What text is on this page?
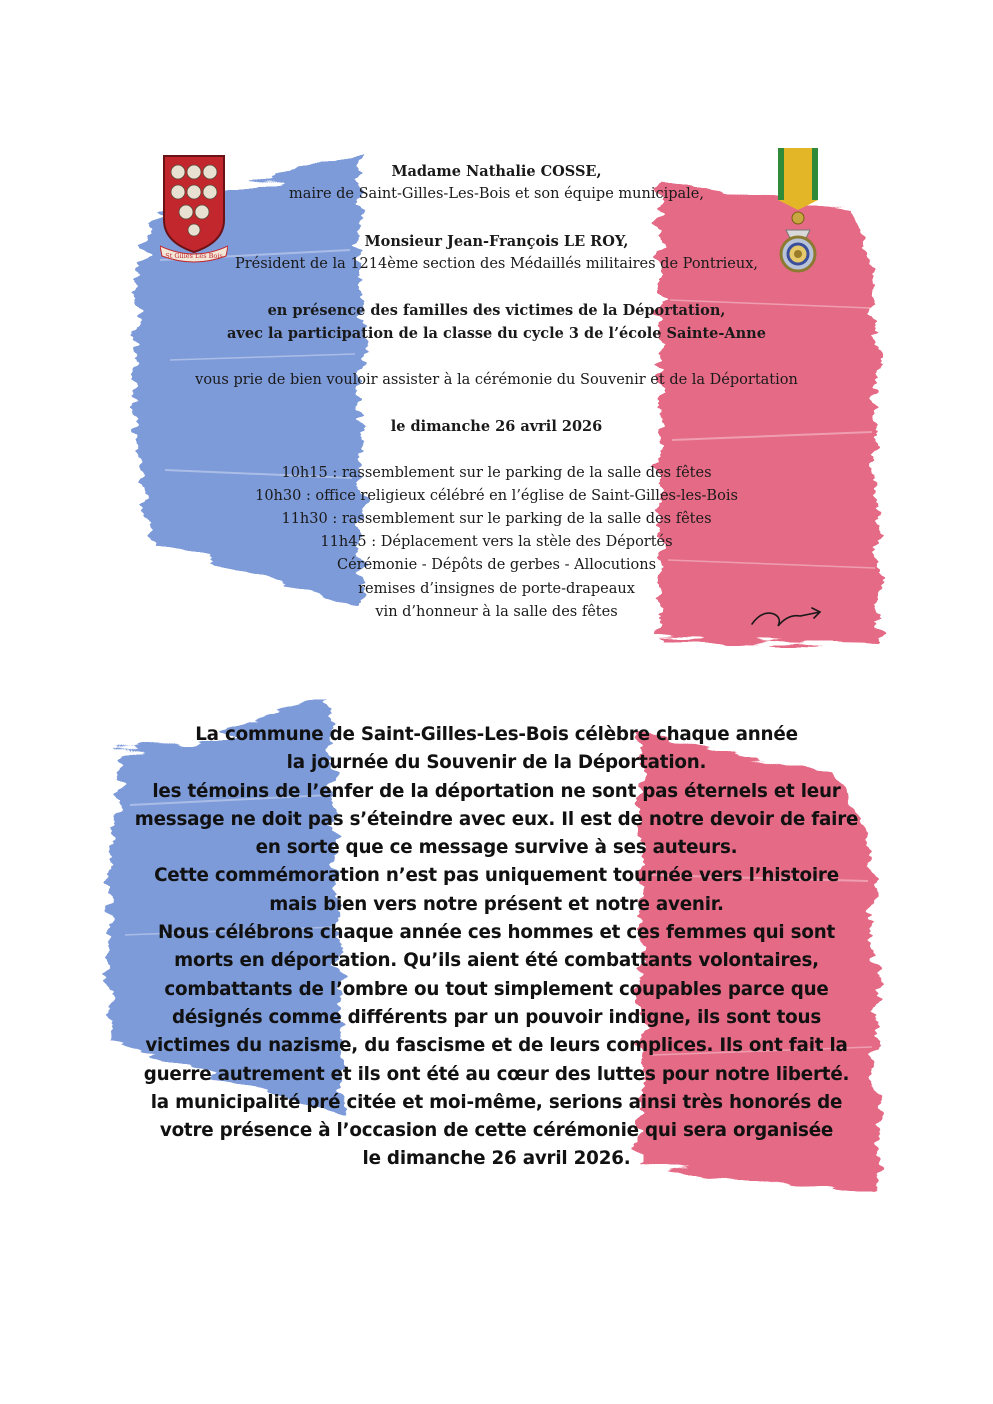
St Gilles Les Bois
Madame Nathalie COSSE,
maire de Saint-Gilles-Les-Bois et son équipe municipale,
Monsieur Jean-François LE ROY,
Président de la 1214ème section des Médaillés militaires de Pontrieux,
en présence des familles des victimes de la Déportation,
avec la participation de la classe du cycle 3 de l’école Sainte-Anne
vous prie de bien vouloir assister à la cérémonie du Souvenir et de la Déportation
le dimanche 26 avril 2026
10h15 : rassemblement sur le parking de la salle des fêtes
10h30 : office religieux célébré en l’église de Saint-Gilles-les-Bois
11h30 : rassemblement sur le parking de la salle des fêtes
11h45 : Déplacement vers la stèle des Déportés
Cérémonie - Dépôts de gerbes - Allocutions
remises d’insignes de porte-drapeaux
vin d’honneur à la salle des fêtes
La commune de Saint-Gilles-Les-Bois célèbre chaque année
la journée du Souvenir de la Déportation.
les témoins de l’enfer de la déportation ne sont pas éternels et leur
message ne doit pas s’éteindre avec eux. Il est de notre devoir de faire
en sorte que ce message survive à ses auteurs.
Cette commémoration n’est pas uniquement tournée vers l’histoire
mais bien vers notre présent et notre avenir.
Nous célébrons chaque année ces hommes et ces femmes qui sont
morts en déportation. Qu’ils aient été combattants volontaires,
combattants de l’ombre ou tout simplement coupables parce que
désignés comme différents par un pouvoir indigne, ils sont tous
victimes du nazisme, du fascisme et de leurs complices. Ils ont fait la
guerre autrement et ils ont été au cœur des luttes pour notre liberté.
la municipalité pré citée et moi-même, serions ainsi très honorés de
votre présence à l’occasion de cette cérémonie qui sera organisée
le dimanche 26 avril 2026.
